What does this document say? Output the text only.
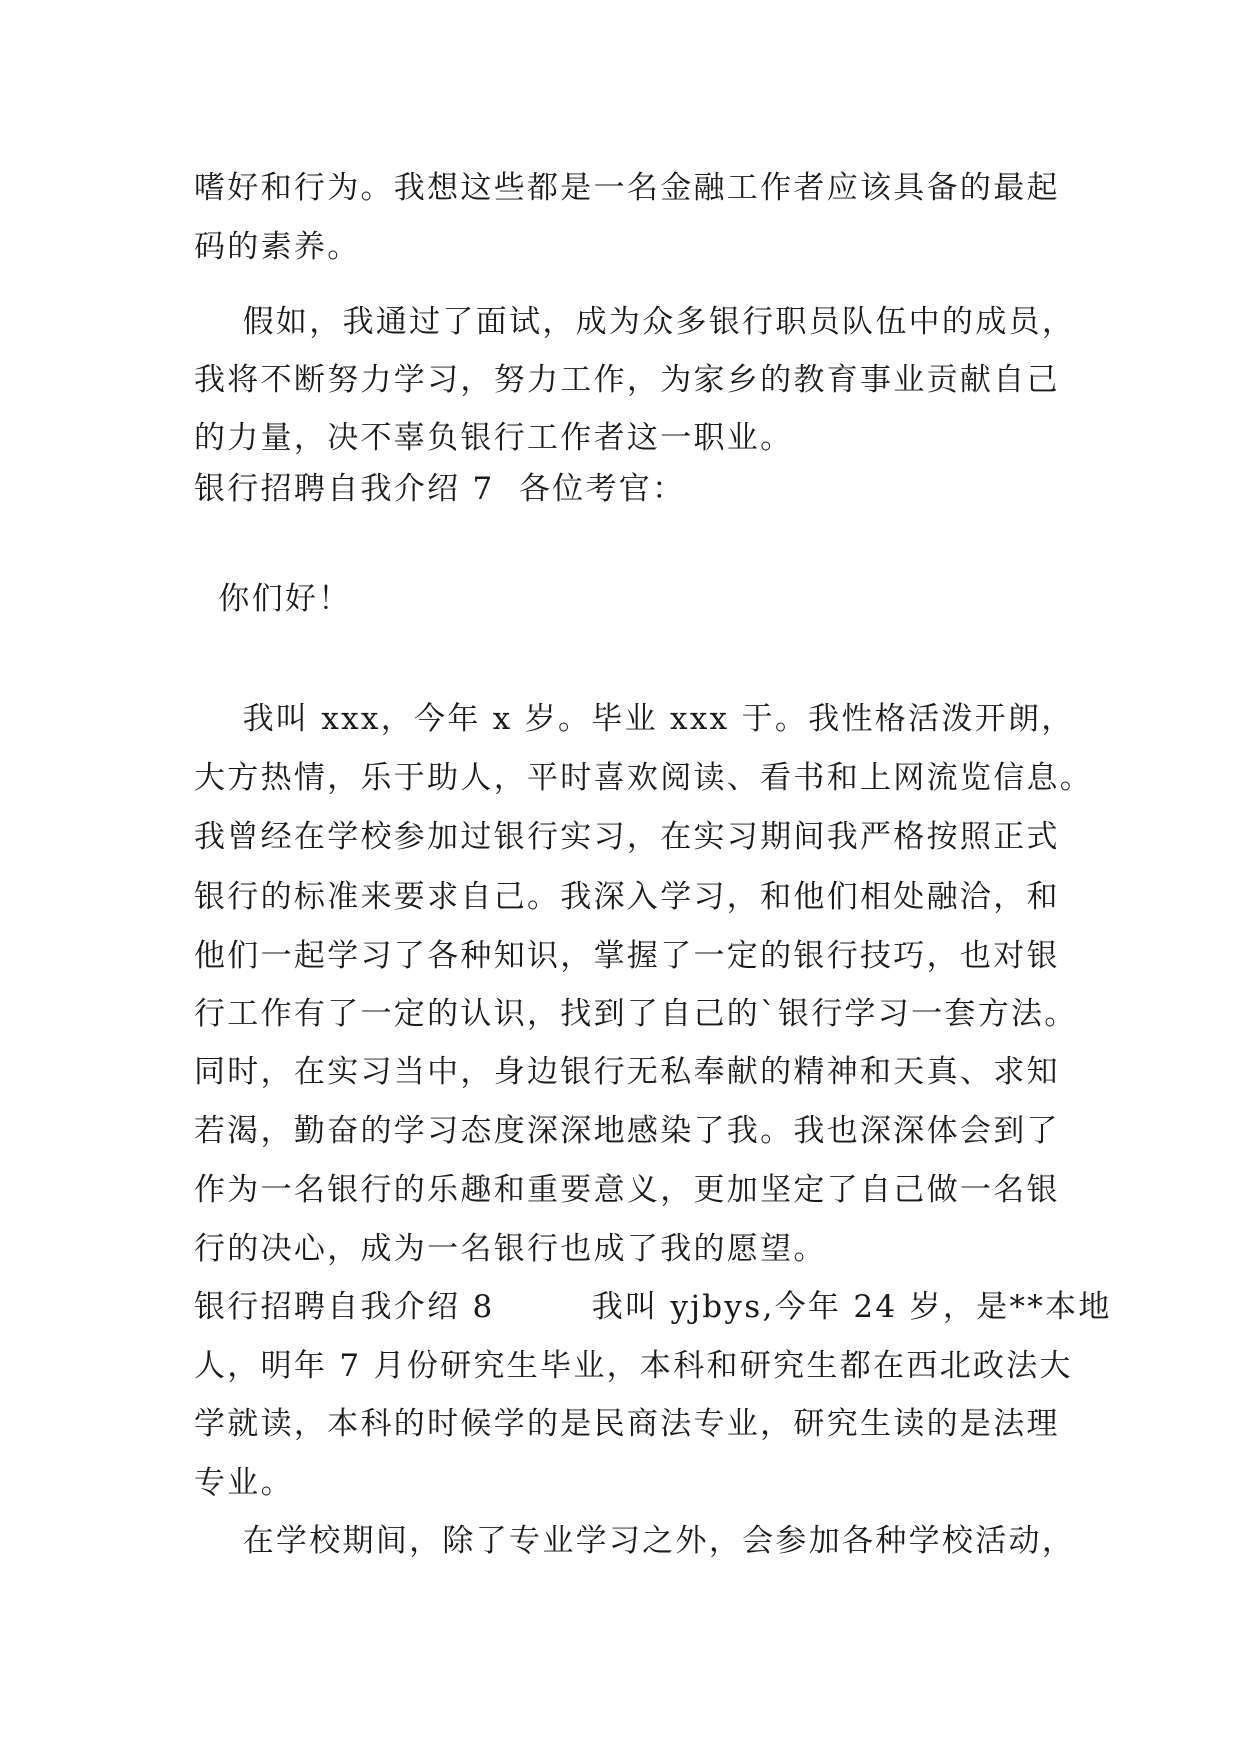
嗜好和行为。我想这些都是一名金融工作者应该具备的最起

码的素养。

假如，我通过了面试，成为众多银行职员队伍中的成员，

我将不断努力学习，努力工作，为家乡的教育事业贡献自己

的力量，决不辜负银行工作者这一职业。

银行招聘自我介绍 7  各位考官：

你们好！

我叫 xxx，今年 x 岁。毕业 xxx 于。我性格活泼开朗，

大方热情，乐于助人，平时喜欢阅读、看书和上网流览信息。

我曾经在学校参加过银行实习，在实习期间我严格按照正式

银行的标准来要求自己。我深入学习，和他们相处融洽，和

他们一起学习了各种知识，掌握了一定的银行技巧，也对银

行工作有了一定的认识，找到了自己的`银行学习一套方法。

同时，在实习当中，身边银行无私奉献的精神和天真、求知

若渴，勤奋的学习态度深深地感染了我。我也深深体会到了

作为一名银行的乐趣和重要意义，更加坚定了自己做一名银

行的决心，成为一名银行也成了我的愿望。

银行招聘自我介绍 8        我叫 yjbys,今年 24 岁，是**本地

人，明年 7 月份研究生毕业，本科和研究生都在西北政法大

学就读，本科的时候学的是民商法专业，研究生读的是法理

专业。

在学校期间，除了专业学习之外，会参加各种学校活动，
